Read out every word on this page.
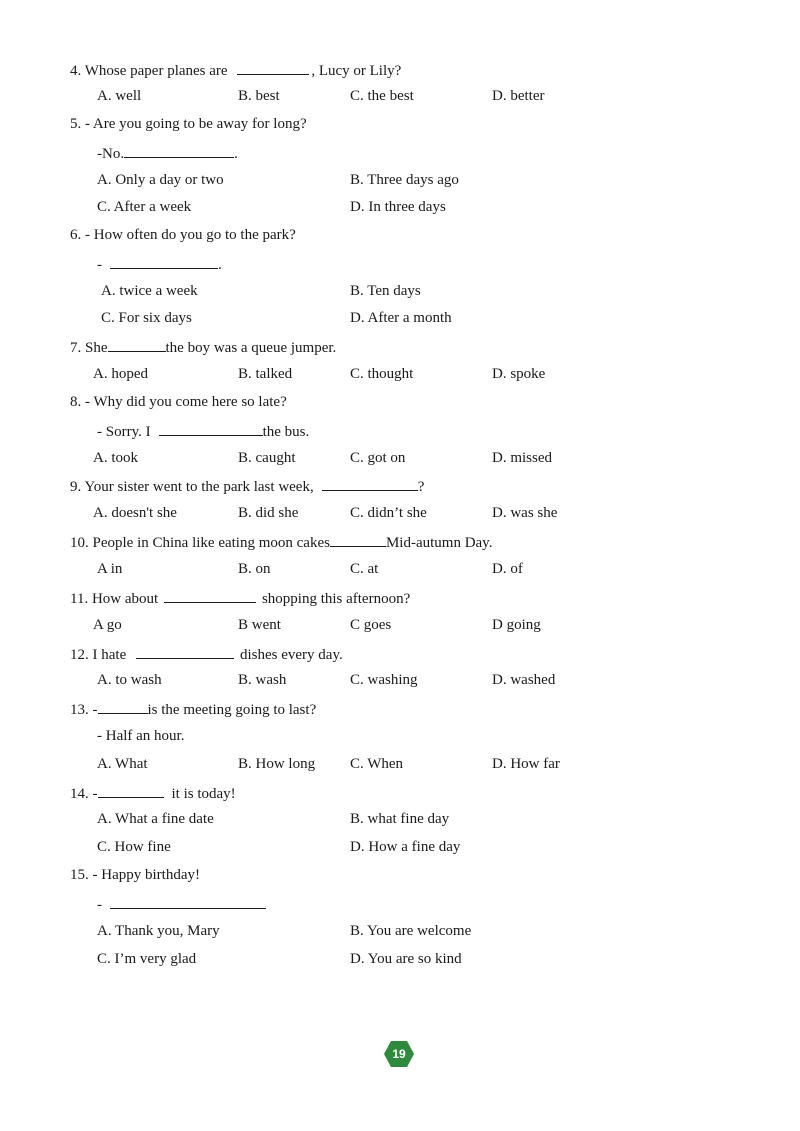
4. Whose paper planes are	, Lucy or Lily?
A. well	B. best	C. the best	D. better
5. - Are you going to be away for long?
-No.	.
A. Only a day or two	B. Three days ago
C. After a week	D. In three days
6. - How often do you go to the park?
-	.
A. twice a week	B. Ten days
C. For six days	D. After a month
7. She	the boy was a queue jumper.
A. hoped	B. talked	C. thought	D. spoke
8. - Why did you come here so late?
- Sorry. I	the bus.
A. took	B. caught	C. got on	D. missed
9. Your sister went to the park last week,	?
A. doesn't she	B. did she	C. didn’t she	D. was she
10. People in China like eating moon cakes	Mid-autumn Day.
A in	B. on	C. at	D. of
11. How about	shopping this afternoon?
A go	B went	C goes	D going
12. I hate	dishes every day.
A. to wash	B. wash	C. washing	D. washed
13. -	is the meeting going to last?
- Half an hour.
A. What	B. How long C. When	D. How far
14. -	it is today!
A. What a fine date	B. what fine day
C. How fine	D. How a fine day
15. - Happy birthday!
-
A. Thank you, Mary	B. You are welcome
C. I’m very glad	D. You are so kind
19
